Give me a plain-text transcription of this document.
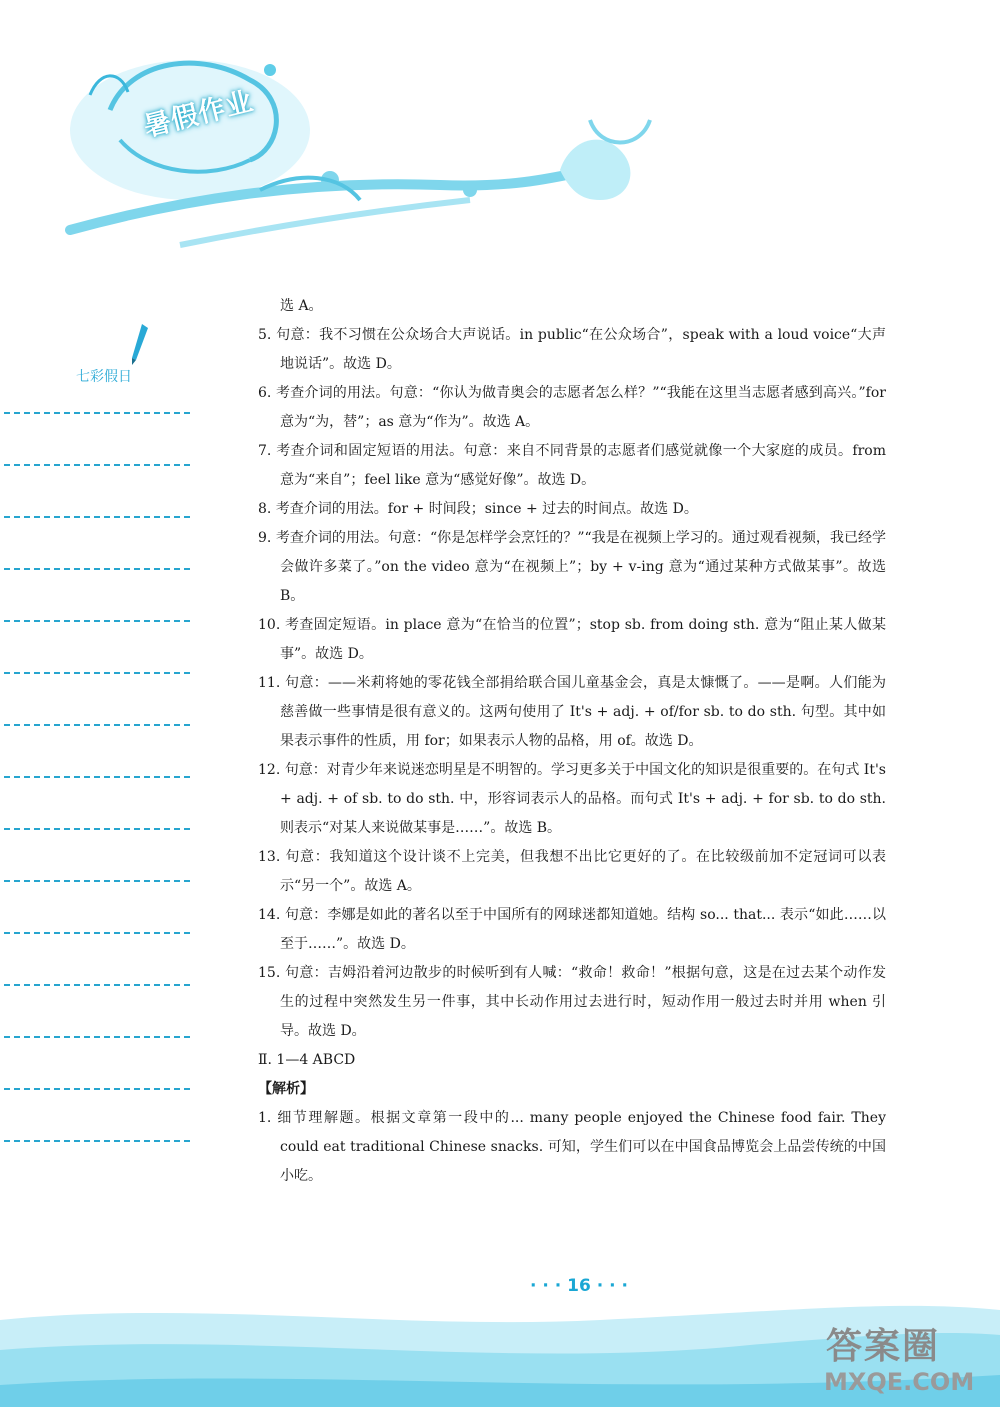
暑假作业
七彩假日

选 A。

5. 句意：我不习惯在公众场合大声说话。in public“在公众场合”，speak with a loud voice“大声地说话”。故选 D。

6. 考查介词的用法。句意：“你认为做青奥会的志愿者怎么样？”“我能在这里当志愿者感到高兴。”for 意为“为，替”；as 意为“作为”。故选 A。

7. 考查介词和固定短语的用法。句意：来自不同背景的志愿者们感觉就像一个大家庭的成员。from 意为“来自”；feel like 意为“感觉好像”。故选 D。

8. 考查介词的用法。for + 时间段；since + 过去的时间点。故选 D。

9. 考查介词的用法。句意：“你是怎样学会烹饪的？”“我是在视频上学习的。通过观看视频，我已经学会做许多菜了。”on the video 意为“在视频上”；by + v-ing 意为“通过某种方式做某事”。故选 B。

10. 考查固定短语。in place 意为“在恰当的位置”；stop sb. from doing sth. 意为“阻止某人做某事”。故选 D。

11. 句意：——米莉将她的零花钱全部捐给联合国儿童基金会，真是太慷慨了。——是啊。人们能为慈善做一些事情是很有意义的。这两句使用了 It's + adj. + of/for sb. to do sth. 句型。其中如果表示事件的性质，用 for；如果表示人物的品格，用 of。故选 D。

12. 句意：对青少年来说迷恋明星是不明智的。学习更多关于中国文化的知识是很重要的。在句式 It's + adj. + of sb. to do sth. 中，形容词表示人的品格。而句式 It's + adj. + for sb. to do sth. 则表示“对某人来说做某事是……”。故选 B。

13. 句意：我知道这个设计谈不上完美，但我想不出比它更好的了。在比较级前加不定冠词可以表示“另一个”。故选 A。

14. 句意：李娜是如此的著名以至于中国所有的网球迷都知道她。结构 so... that... 表示“如此……以至于……”。故选 D。

15. 句意：吉姆沿着河边散步的时候听到有人喊：“救命！救命！”根据句意，这是在过去某个动作发生的过程中突然发生另一件事，其中长动作用过去进行时，短动作用一般过去时并用 when 引导。故选 D。

Ⅱ. 1—4 ABCD

【解析】

1. 细节理解题。根据文章第一段中的... many people enjoyed the Chinese food fair. They could eat traditional Chinese snacks. 可知，学生们可以在中国食品博览会上品尝传统的中国小吃。

· · · 16 · · ·
答案圈
MXQE.COM
